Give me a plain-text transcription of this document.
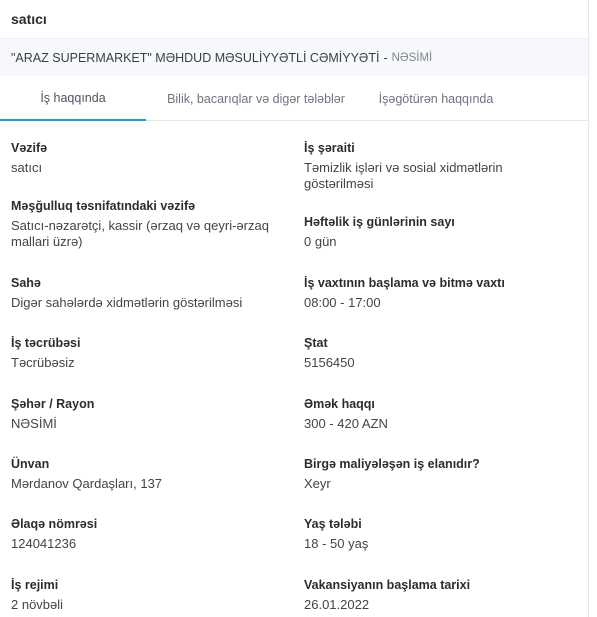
satıcı
"ARAZ SUPERMARKET" MƏHDUD MƏSULİYYƏTLİ CƏMİYYƏTİ - NƏSİMİ
İş haqqında	Bilik, bacarıqlar və digər tələblər	İşəgötürən haqqında
Vəzifə
satıcı
Məşğulluq təsnifatındaki vəzifə
Satıcı-nəzarətçi, kassir (ərzaq və qeyri-ərzaq mallari üzrə)
Sahə
Digər sahələrdə xidmətlərin göstərilməsi
İş təcrübəsi
Təcrübəsiz
Şəhər / Rayon
NƏSİMİ
Ünvan
Mərdanov Qardaşları, 137
Əlaqə nömrəsi
124041236
İş rejimi
2 növbəli
İş şəraiti
Təmizlik işləri və sosial xidmətlərin göstərilməsi
Həftəlik iş günlərinin sayı
0 gün
İş vaxtının başlama və bitmə vaxtı
08:00 - 17:00
Ştat
5156450
Əmək haqqı
300 - 420 AZN
Birgə maliyələşən iş elanıdır?
Xeyr
Yaş tələbi
18 - 50 yaş
Vakansiyanın başlama tarixi
26.01.2022
